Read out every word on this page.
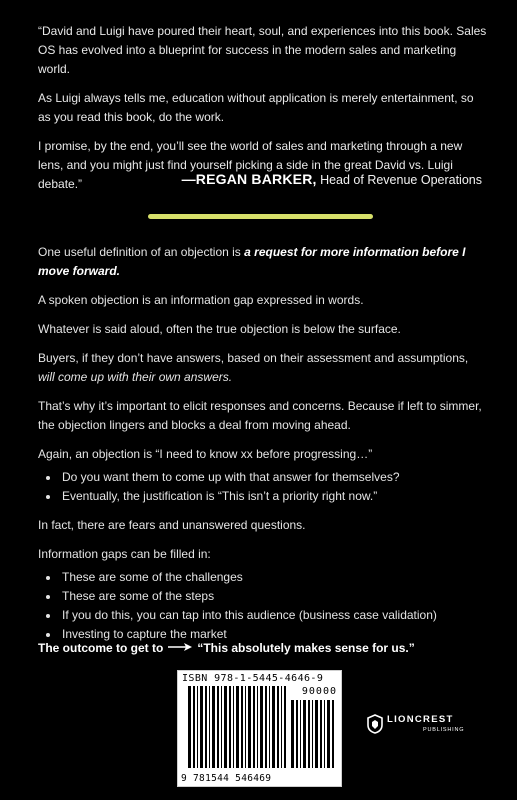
“David and Luigi have poured their heart, soul, and experiences into this book. Sales OS has evolved into a blueprint for success in the modern sales and marketing world.

As Luigi always tells me, education without application is merely entertainment, so as you read this book, do the work.

I promise, by the end, you’ll see the world of sales and marketing through a new lens, and you might just find yourself picking a side in the great David vs. Luigi debate.”	—REGAN BARKER, Head of Revenue Operations

One useful definition of an objection is a request for more information before I move forward.

A spoken objection is an information gap expressed in words.

Whatever is said aloud, often the true objection is below the surface.

Buyers, if they don’t have answers, based on their assessment and assumptions, will come up with their own answers.

That’s why it’s important to elicit responses and concerns. Because if left to simmer, the objection lingers and blocks a deal from moving ahead.

Again, an objection is “I need to know xx before progressing…”

• Do you want them to come up with that answer for themselves?
• Eventually, the justification is “This isn’t a priority right now.”

In fact, there are fears and unanswered questions.

Information gaps can be filled in:

• These are some of the challenges
• These are some of the steps
• If you do this, you can tap into this audience (business case validation)
• Investing to capture the market
The outcome to get to	“This absolutely makes sense for us.”
ISBN 978-1-5445-4646-9
90000
9 781544 546469
LIONCREST
PUBLISHING
